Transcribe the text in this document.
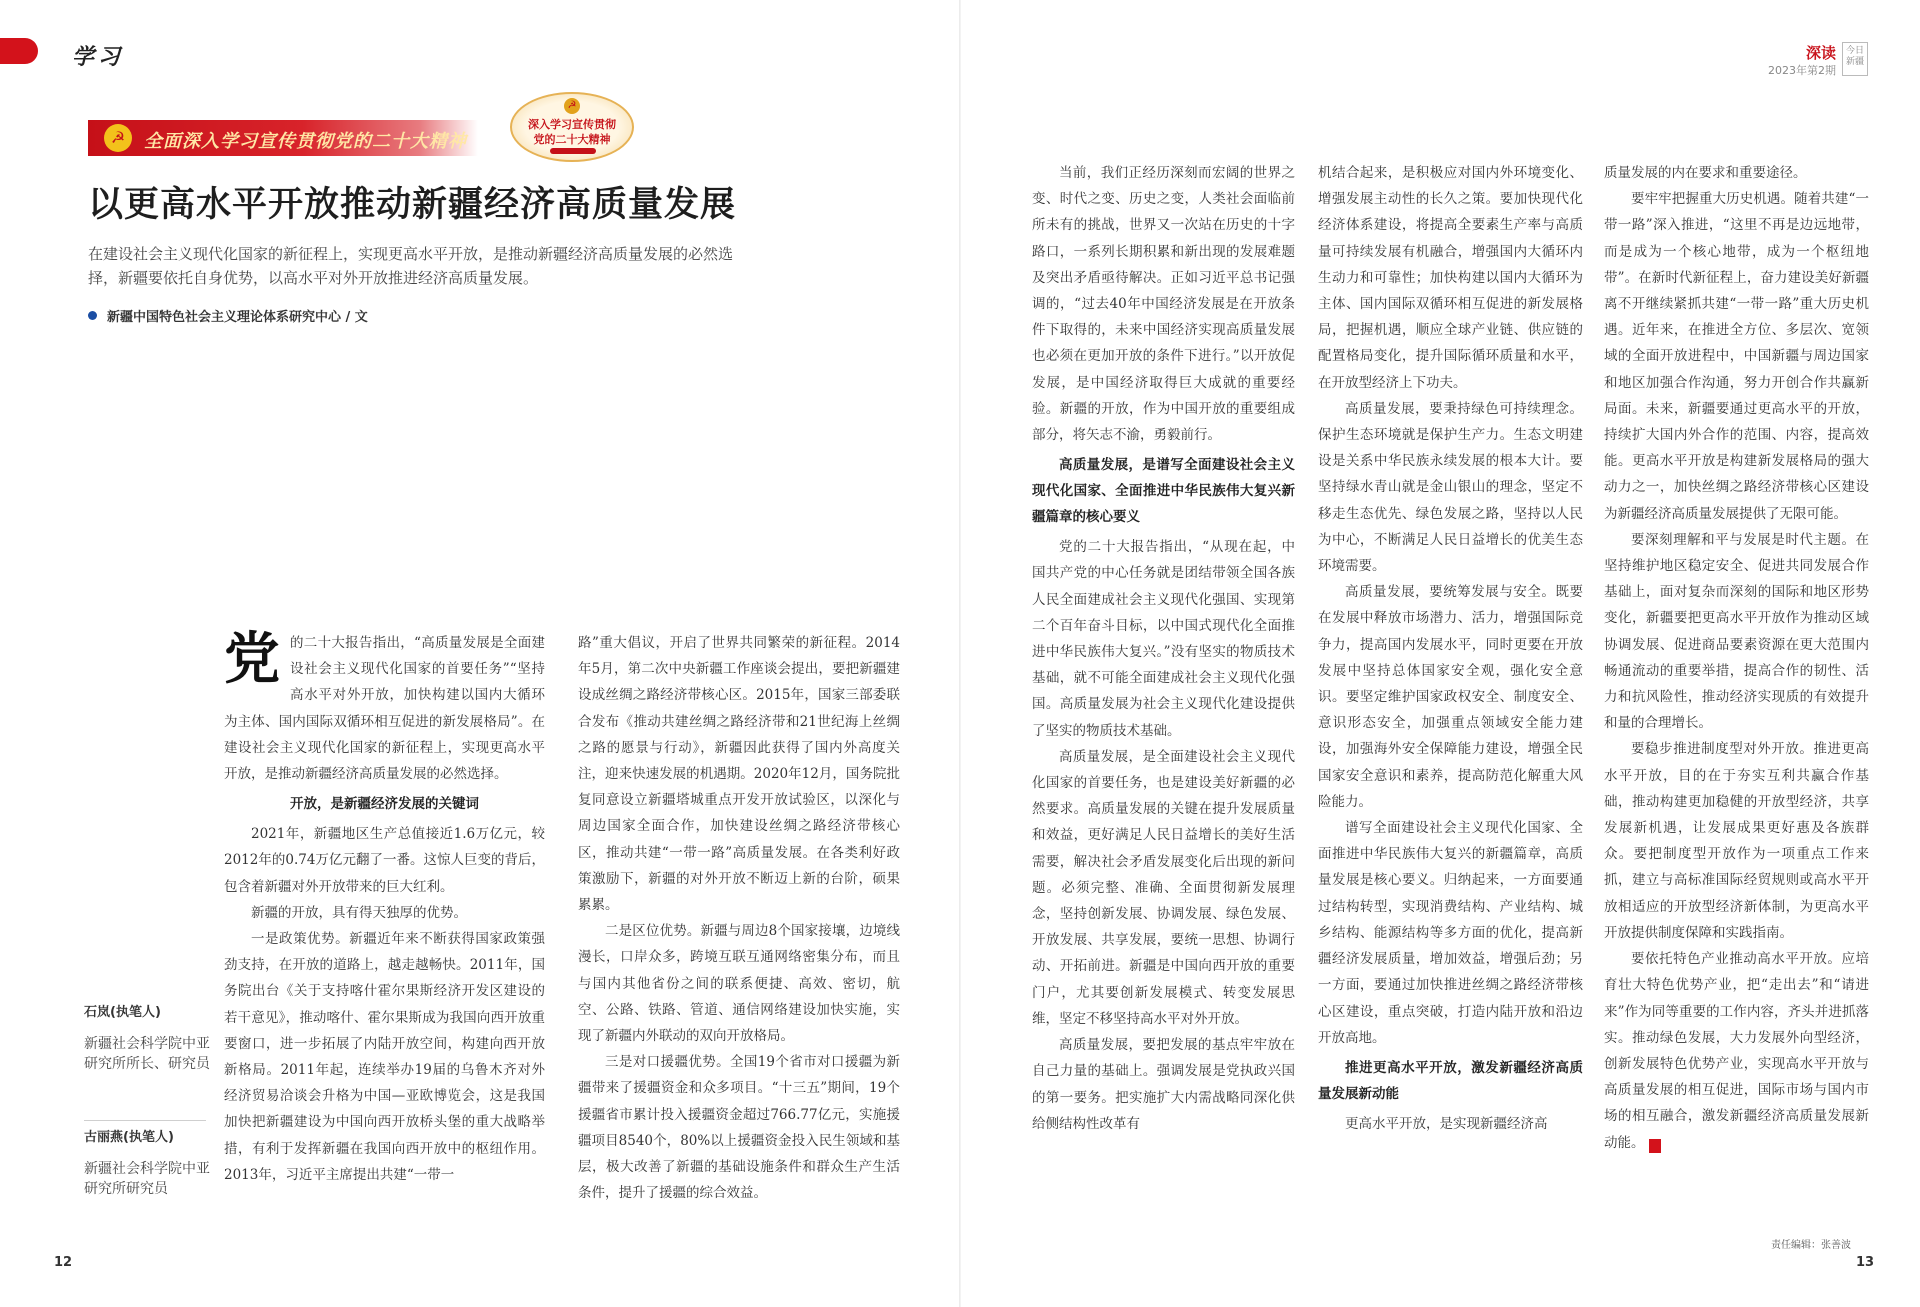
学习	深读
2023年第2期
今日新疆
☭	全面深入学习宣传贯彻党的二十大精神
☭
深入学习宣传贯彻
党的二十大精神
以更高水平开放推动新疆经济高质量发展
在建设社会主义现代化国家的新征程上，实现更高水平开放，是推动新疆经济高质量发展的必然选择，新疆要依托自身优势，以高水平对外开放推进经济高质量发展。
新疆中国特色社会主义理论体系研究中心 / 文
石岚(执笔人)
新疆社会科学院中亚研究所所长、研究员
古丽燕(执笔人)
新疆社会科学院中亚研究所研究员

党的二十大报告指出，“高质量发展是全面建设社会主义现代化国家的首要任务”“坚持高水平对外开放，加快构建以国内大循环为主体、国内国际双循环相互促进的新发展格局”。在建设社会主义现代化国家的新征程上，实现更高水平开放，是推动新疆经济高质量发展的必然选择。

开放，是新疆经济发展的关键词

2021年，新疆地区生产总值接近1.6万亿元，较2012年的0.74万亿元翻了一番。这惊人巨变的背后，包含着新疆对外开放带来的巨大红利。

新疆的开放，具有得天独厚的优势。

一是政策优势。新疆近年来不断获得国家政策强劲支持，在开放的道路上，越走越畅快。2011年，国务院出台《关于支持喀什霍尔果斯经济开发区建设的若干意见》，推动喀什、霍尔果斯成为我国向西开放重要窗口，进一步拓展了内陆开放空间，构建向西开放新格局。2011年起，连续举办19届的乌鲁木齐对外经济贸易洽谈会升格为中国—亚欧博览会，这是我国加快把新疆建设为中国向西开放桥头堡的重大战略举措，有利于发挥新疆在我国向西开放中的枢纽作用。2013年，习近平主席提出共建“一带一

路”重大倡议，开启了世界共同繁荣的新征程。2014年5月，第二次中央新疆工作座谈会提出，要把新疆建设成丝绸之路经济带核心区。2015年，国家三部委联合发布《推动共建丝绸之路经济带和21世纪海上丝绸之路的愿景与行动》，新疆因此获得了国内外高度关注，迎来快速发展的机遇期。2020年12月，国务院批复同意设立新疆塔城重点开发开放试验区，以深化与周边国家全面合作，加快建设丝绸之路经济带核心区，推动共建“一带一路”高质量发展。在各类利好政策激励下，新疆的对外开放不断迈上新的台阶，硕果累累。

二是区位优势。新疆与周边8个国家接壤，边境线漫长，口岸众多，跨境互联互通网络密集分布，而且与国内其他省份之间的联系便捷、高效、密切，航空、公路、铁路、管道、通信网络建设加快实施，实现了新疆内外联动的双向开放格局。

三是对口援疆优势。全国19个省市对口援疆为新疆带来了援疆资金和众多项目。“十三五”期间，19个援疆省市累计投入援疆资金超过766.77亿元，实施援疆项目8540个，80%以上援疆资金投入民生领域和基层，极大改善了新疆的基础设施条件和群众生产生活条件，提升了援疆的综合效益。

当前，我们正经历深刻而宏阔的世界之变、时代之变、历史之变，人类社会面临前所未有的挑战，世界又一次站在历史的十字路口，一系列长期积累和新出现的发展难题及突出矛盾亟待解决。正如习近平总书记强调的，“过去40年中国经济发展是在开放条件下取得的，未来中国经济实现高质量发展也必须在更加开放的条件下进行。”以开放促发展，是中国经济取得巨大成就的重要经验。新疆的开放，作为中国开放的重要组成部分，将矢志不渝，勇毅前行。

高质量发展，是谱写全面建设社会主义现代化国家、全面推进中华民族伟大复兴新疆篇章的核心要义

党的二十大报告指出，“从现在起，中国共产党的中心任务就是团结带领全国各族人民全面建成社会主义现代化强国、实现第二个百年奋斗目标，以中国式现代化全面推进中华民族伟大复兴。”没有坚实的物质技术基础，就不可能全面建成社会主义现代化强国。高质量发展为社会主义现代化建设提供了坚实的物质技术基础。

高质量发展，是全面建设社会主义现代化国家的首要任务，也是建设美好新疆的必然要求。高质量发展的关键在提升发展质量和效益，更好满足人民日益增长的美好生活需要，解决社会矛盾发展变化后出现的新问题。必须完整、准确、全面贯彻新发展理念，坚持创新发展、协调发展、绿色发展、开放发展、共享发展，要统一思想、协调行动、开拓前进。新疆是中国向西开放的重要门户，尤其要创新发展模式、转变发展思维，坚定不移坚持高水平对外开放。

高质量发展，要把发展的基点牢牢放在自己力量的基础上。强调发展是党执政兴国的第一要务。把实施扩大内需战略同深化供给侧结构性改革有

机结合起来，是积极应对国内外环境变化、增强发展主动性的长久之策。要加快现代化经济体系建设，将提高全要素生产率与高质量可持续发展有机融合，增强国内大循环内生动力和可靠性；加快构建以国内大循环为主体、国内国际双循环相互促进的新发展格局，把握机遇，顺应全球产业链、供应链的配置格局变化，提升国际循环质量和水平，在开放型经济上下功夫。

高质量发展，要秉持绿色可持续理念。保护生态环境就是保护生产力。生态文明建设是关系中华民族永续发展的根本大计。要坚持绿水青山就是金山银山的理念，坚定不移走生态优先、绿色发展之路，坚持以人民为中心，不断满足人民日益增长的优美生态环境需要。

高质量发展，要统筹发展与安全。既要在发展中释放市场潜力、活力，增强国际竞争力，提高国内发展水平，同时更要在开放发展中坚持总体国家安全观，强化安全意识。要坚定维护国家政权安全、制度安全、意识形态安全，加强重点领域安全能力建设，加强海外安全保障能力建设，增强全民国家安全意识和素养，提高防范化解重大风险能力。

谱写全面建设社会主义现代化国家、全面推进中华民族伟大复兴的新疆篇章，高质量发展是核心要义。归纳起来，一方面要通过结构转型，实现消费结构、产业结构、城乡结构、能源结构等多方面的优化，提高新疆经济发展质量，增加效益，增强后劲；另一方面，要通过加快推进丝绸之路经济带核心区建设，重点突破，打造内陆开放和沿边开放高地。

推进更高水平开放，激发新疆经济高质量发展新动能

更高水平开放，是实现新疆经济高

质量发展的内在要求和重要途径。

要牢牢把握重大历史机遇。随着共建“一带一路”深入推进，“这里不再是边远地带，而是成为一个核心地带，成为一个枢纽地带”。在新时代新征程上，奋力建设美好新疆离不开继续紧抓共建“一带一路”重大历史机遇。近年来，在推进全方位、多层次、宽领域的全面开放进程中，中国新疆与周边国家和地区加强合作沟通，努力开创合作共赢新局面。未来，新疆要通过更高水平的开放，持续扩大国内外合作的范围、内容，提高效能。更高水平开放是构建新发展格局的强大动力之一，加快丝绸之路经济带核心区建设为新疆经济高质量发展提供了无限可能。

要深刻理解和平与发展是时代主题。在坚持维护地区稳定安全、促进共同发展合作基础上，面对复杂而深刻的国际和地区形势变化，新疆要把更高水平开放作为推动区域协调发展、促进商品要素资源在更大范围内畅通流动的重要举措，提高合作的韧性、活力和抗风险性，推动经济实现质的有效提升和量的合理增长。

要稳步推进制度型对外开放。推进更高水平开放，目的在于夯实互利共赢合作基础，推动构建更加稳健的开放型经济，共享发展新机遇，让发展成果更好惠及各族群众。要把制度型开放作为一项重点工作来抓，建立与高标准国际经贸规则或高水平开放相适应的开放型经济新体制，为更高水平开放提供制度保障和实践指南。

要依托特色产业推动高水平开放。应培育壮大特色优势产业，把“走出去”和“请进来”作为同等重要的工作内容，齐头并进抓落实。推动绿色发展，大力发展外向型经济，创新发展特色优势产业，实现高水平开放与高质量发展的相互促进，国际市场与国内市场的相互融合，激发新疆经济高质量发展新动能。	J

12
责任编辑：张善波
13
